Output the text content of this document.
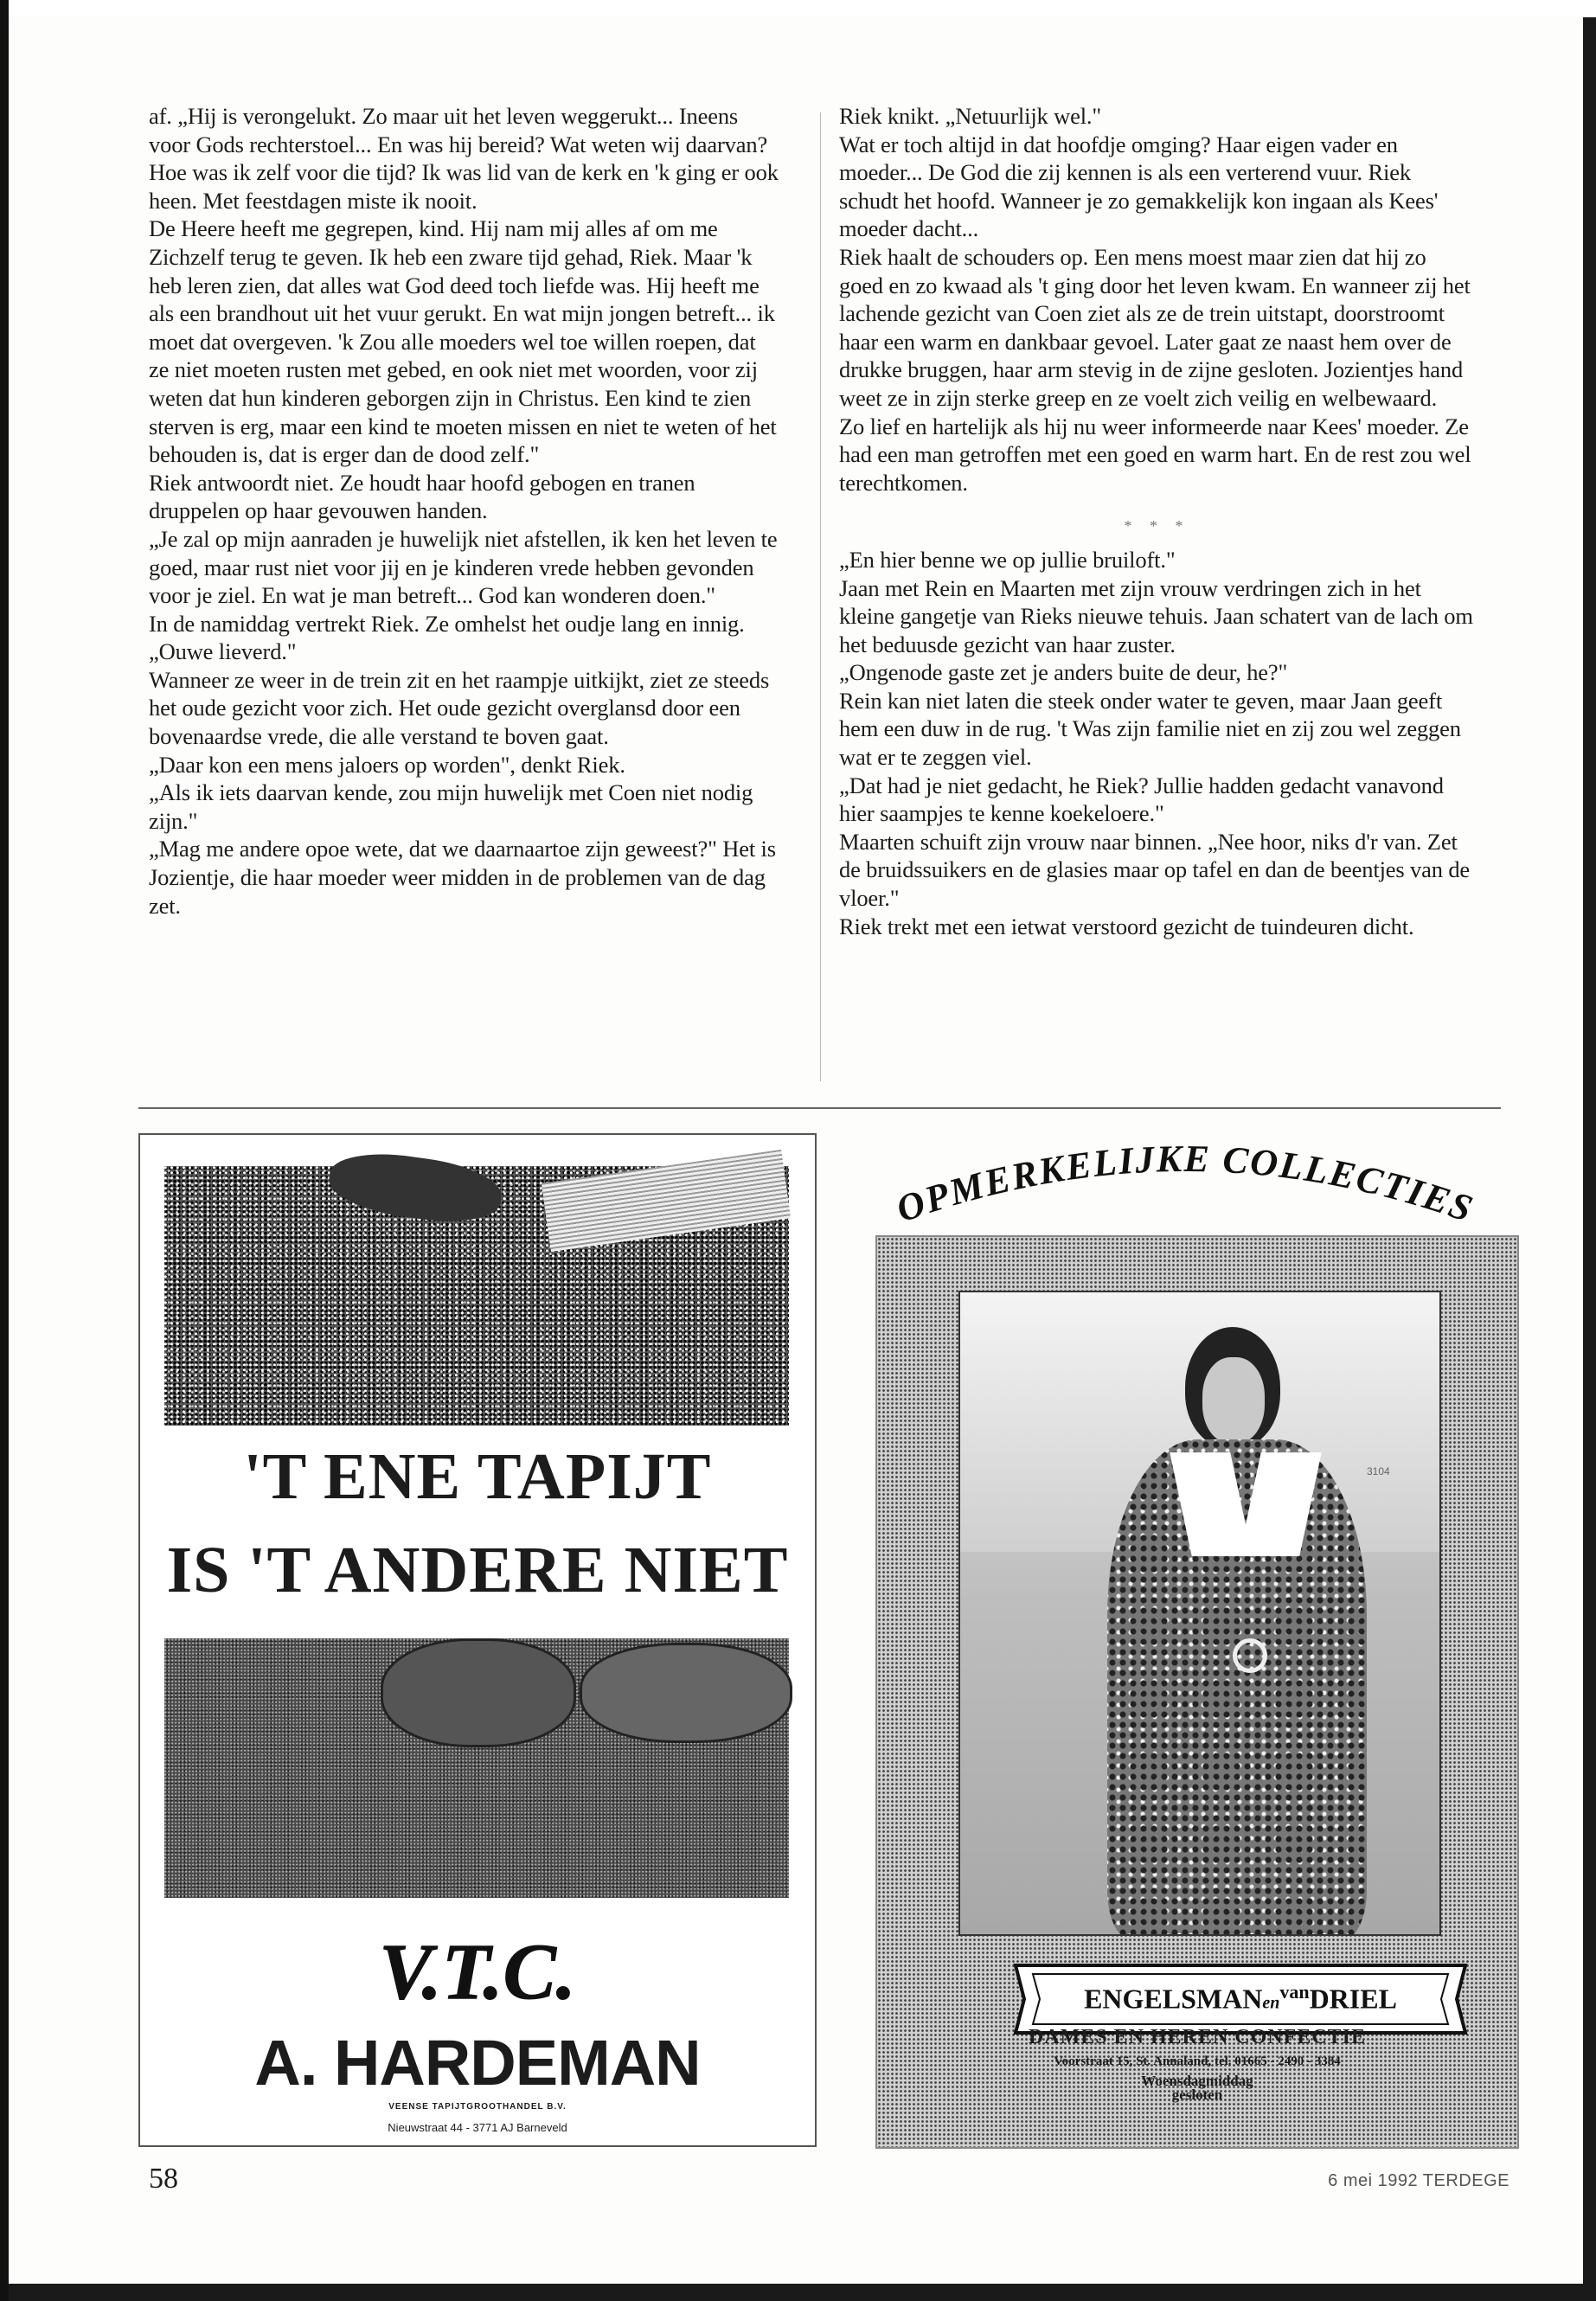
af. „Hij is verongelukt. Zo maar uit het leven weggerukt... Ineens voor Gods rechterstoel... En was hij bereid? Wat weten wij daarvan? Hoe was ik zelf voor die tijd? Ik was lid van de kerk en 'k ging er ook heen. Met feestdagen miste ik nooit.

De Heere heeft me gegrepen, kind. Hij nam mij alles af om me Zichzelf terug te geven. Ik heb een zware tijd gehad, Riek. Maar 'k heb leren zien, dat alles wat God deed toch liefde was. Hij heeft me als een brandhout uit het vuur gerukt. En wat mijn jongen betreft... ik moet dat overgeven. 'k Zou alle moeders wel toe willen roepen, dat ze niet moeten rusten met gebed, en ook niet met woorden, voor zij weten dat hun kinderen geborgen zijn in Christus. Een kind te zien sterven is erg, maar een kind te moeten missen en niet te weten of het behouden is, dat is erger dan de dood zelf."

Riek antwoordt niet. Ze houdt haar hoofd gebogen en tranen druppelen op haar gevouwen handen.

„Je zal op mijn aanraden je huwelijk niet afstellen, ik ken het leven te goed, maar rust niet voor jij en je kinderen vrede hebben gevonden voor je ziel. En wat je man betreft... God kan wonderen doen."

In de namiddag vertrekt Riek. Ze omhelst het oudje lang en innig. „Ouwe lieverd."

Wanneer ze weer in de trein zit en het raampje uitkijkt, ziet ze steeds het oude gezicht voor zich. Het oude gezicht overglansd door een bovenaardse vrede, die alle verstand te boven gaat.

„Daar kon een mens jaloers op worden", denkt Riek.

„Als ik iets daarvan kende, zou mijn huwelijk met Coen niet nodig zijn."

„Mag me andere opoe wete, dat we daarnaartoe zijn geweest?" Het is Jozientje, die haar moeder weer midden in de problemen van de dag zet.

Riek knikt. „Netuurlijk wel."

Wat er toch altijd in dat hoofdje omging? Haar eigen vader en moeder... De God die zij kennen is als een verterend vuur. Riek schudt het hoofd. Wanneer je zo gemakkelijk kon ingaan als Kees' moeder dacht...

Riek haalt de schouders op. Een mens moest maar zien dat hij zo goed en zo kwaad als 't ging door het leven kwam. En wanneer zij het lachende gezicht van Coen ziet als ze de trein uitstapt, doorstroomt haar een warm en dankbaar gevoel. Later gaat ze naast hem over de drukke bruggen, haar arm stevig in de zijne gesloten. Jozientjes hand weet ze in zijn sterke greep en ze voelt zich veilig en welbewaard.

Zo lief en hartelijk als hij nu weer informeerde naar Kees' moeder. Ze had een man getroffen met een goed en warm hart. En de rest zou wel terechtkomen.

* * *

„En hier benne we op jullie bruiloft."

Jaan met Rein en Maarten met zijn vrouw verdringen zich in het kleine gangetje van Rieks nieuwe tehuis. Jaan schatert van de lach om het beduusde gezicht van haar zuster.

„Ongenode gaste zet je anders buite de deur, he?"

Rein kan niet laten die steek onder water te geven, maar Jaan geeft hem een duw in de rug. 't Was zijn familie niet en zij zou wel zeggen wat er te zeggen viel.

„Dat had je niet gedacht, he Riek? Jullie hadden gedacht vanavond hier saampjes te kenne koekeloere."

Maarten schuift zijn vrouw naar binnen. „Nee hoor, niks d'r van. Zet de bruidssuikers en de glasies maar op tafel en dan de beentjes van de vloer."

Riek trekt met een ietwat verstoord gezicht de tuindeuren dicht.

'T ENE TAPIJT
IS 'T ANDERE NIET
V.T.C.
A. HARDEMAN
VEENSE TAPIJTGROOTHANDEL B.V.
Nieuwstraat 44 - 3771 AJ Barneveld
OPMERKELIJKE COLLECTIES
3104
ENGELSMANen$^{van}$DRIEL
DAMES EN HEREN CONFECTIE
Voorstraat 15, St. Annaland, tel. 01665 - 2490 - 3384
Woensdagmiddag
gesloten
58	6 mei 1992 TERDEGE
